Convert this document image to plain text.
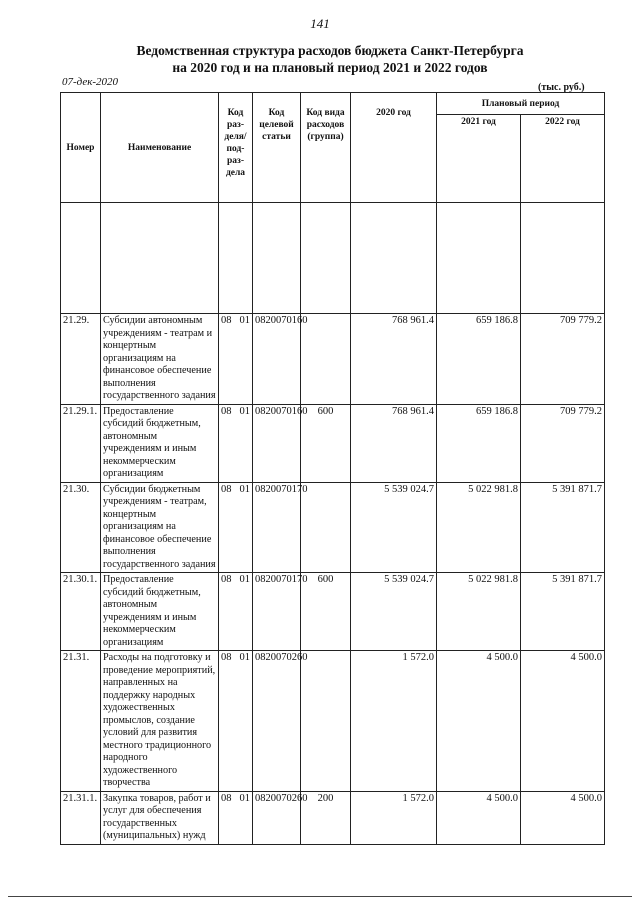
141
Ведомственная структура расходов бюджета Санкт-Петербурга
на 2020 год и на плановый период 2021 и 2022 годов
07-дек-2020	(тыс. руб.)
Номер	Наименование	Код раз-деля/ под-раз-дела	Код целевой статьи	Код вида расходов (группа)	2020 год	Плановый период	
						2021 год	2022 год

21.29.	Субсидии автономным учреждениям - театрам и концертным организациям на финансовое обеспечение выполнения государственного задания	08 01	0820070160		768 961.4	659 186.8	709 779.2
21.29.1.	Предоставление субсидий бюджетным, автономным учреждениям и иным некоммерческим организациям	08 01	0820070160	600	768 961.4	659 186.8	709 779.2
21.30.	Субсидии бюджетным учреждениям - театрам, концертным организациям на финансовое обеспечение выполнения государственного задания	08 01	0820070170		5 539 024.7	5 022 981.8	5 391 871.7
21.30.1.	Предоставление субсидий бюджетным, автономным учреждениям и иным некоммерческим организациям	08 01	0820070170	600	5 539 024.7	5 022 981.8	5 391 871.7
21.31.	Расходы на подготовку и проведение мероприятий, направленных на поддержку народных художественных промыслов, создание условий для развития местного традиционного народного художественного творчества	08 01	0820070260		1 572.0	4 500.0	4 500.0
21.31.1.	Закупка товаров, работ и услуг для обеспечения государственных (муниципальных) нужд	08 01	0820070260	200	1 572.0	4 500.0	4 500.0
